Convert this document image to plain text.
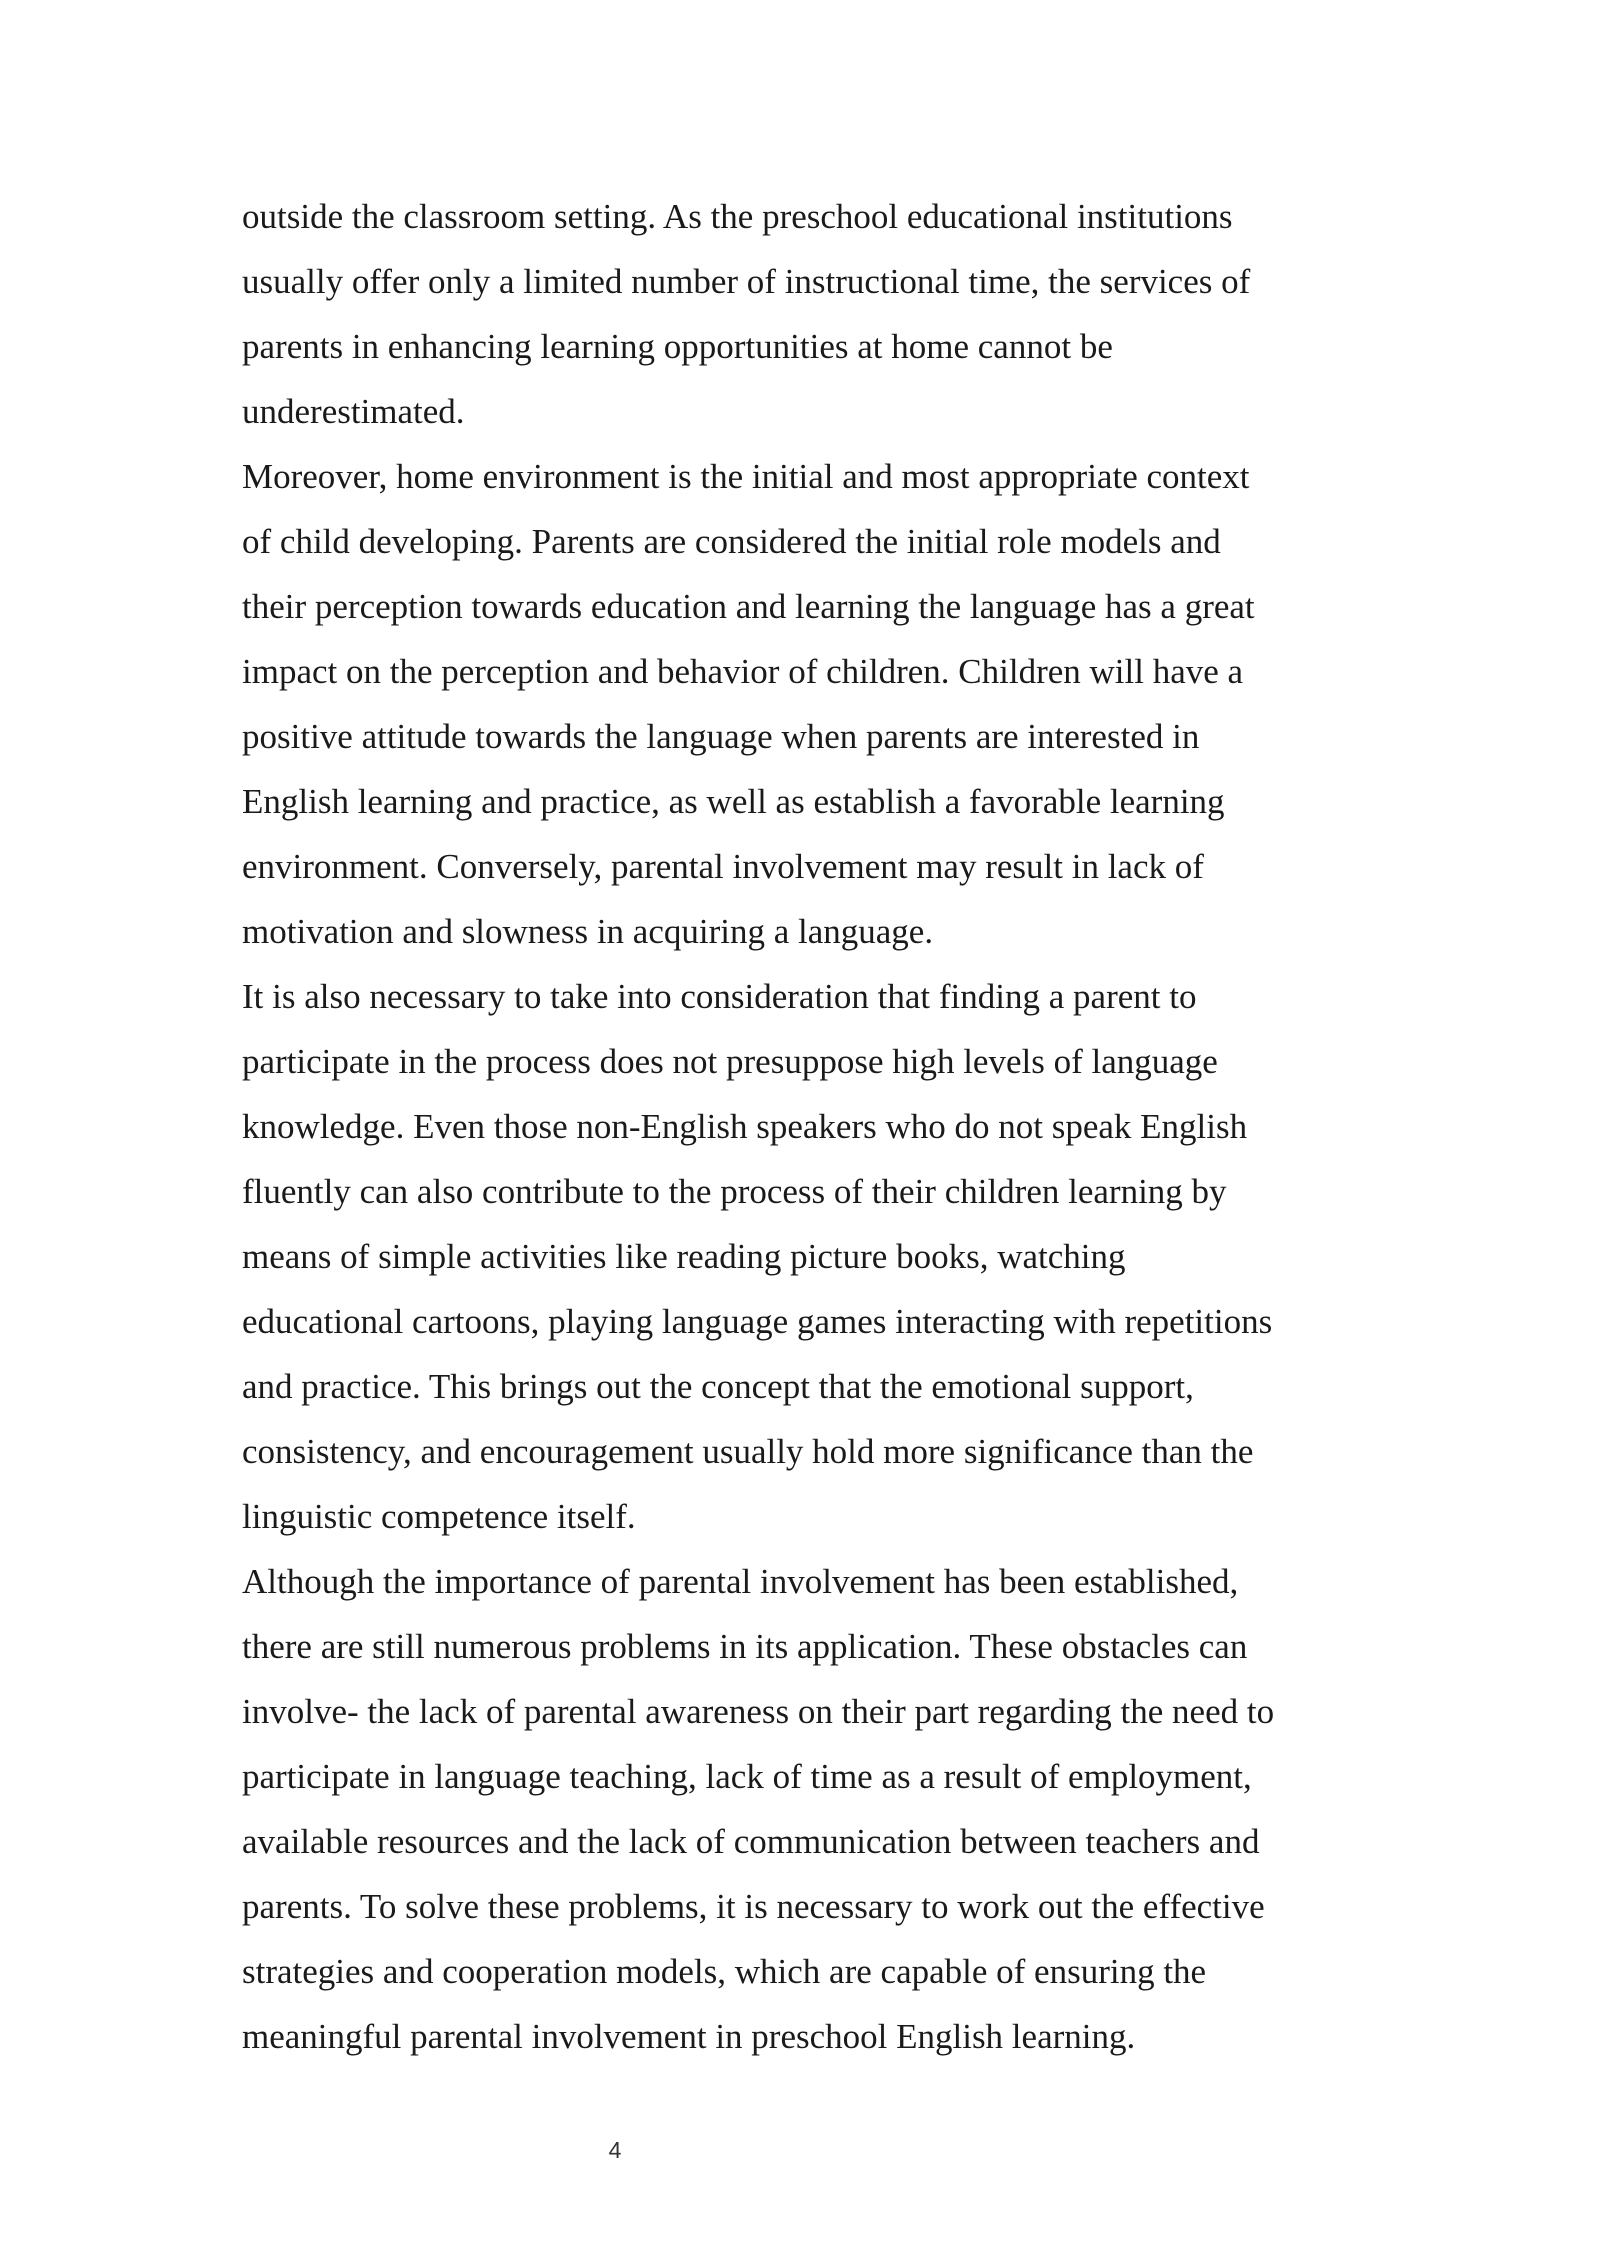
outside the classroom setting. As the preschool educational institutions
usually offer only a limited number of instructional time, the services of
parents in enhancing learning opportunities at home cannot be
underestimated.
Moreover, home environment is the initial and most appropriate context
of child developing. Parents are considered the initial role models and
their perception towards education and learning the language has a great
impact on the perception and behavior of children. Children will have a
positive attitude towards the language when parents are interested in
English learning and practice, as well as establish a favorable learning
environment. Conversely, parental involvement may result in lack of
motivation and slowness in acquiring a language.
It is also necessary to take into consideration that finding a parent to
participate in the process does not presuppose high levels of language
knowledge. Even those non-English speakers who do not speak English
fluently can also contribute to the process of their children learning by
means of simple activities like reading picture books, watching
educational cartoons, playing language games interacting with repetitions
and practice. This brings out the concept that the emotional support,
consistency, and encouragement usually hold more significance than the
linguistic competence itself.
Although the importance of parental involvement has been established,
there are still numerous problems in its application. These obstacles can
involve- the lack of parental awareness on their part regarding the need to
participate in language teaching, lack of time as a result of employment,
available resources and the lack of communication between teachers and
parents. To solve these problems, it is necessary to work out the effective
strategies and cooperation models, which are capable of ensuring the
meaningful parental involvement in preschool English learning.
4
